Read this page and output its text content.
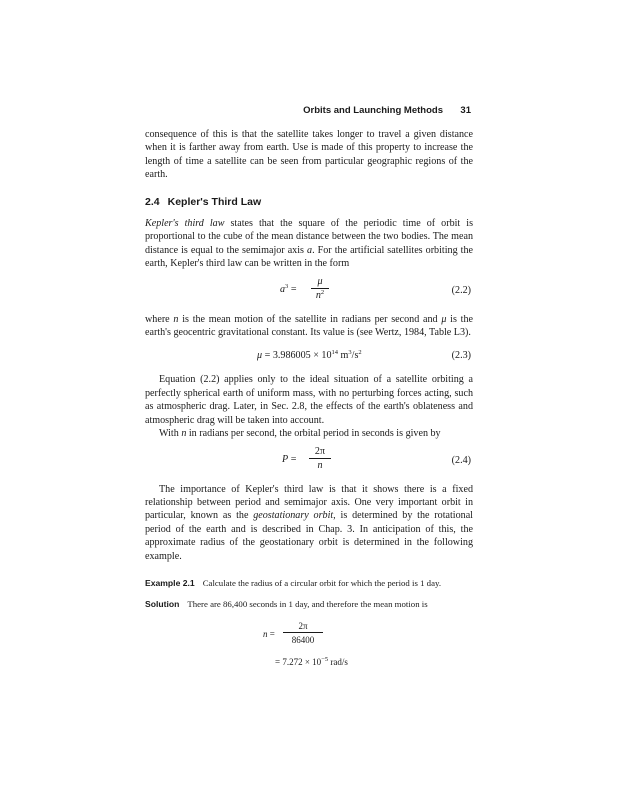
Orbits and Launching Methods 31

consequence of this is that the satellite takes longer to travel a given distance when it is farther away from earth. Use is made of this property to increase the length of time a satellite can be seen from particular geographic regions of the earth.

2.4 Kepler's Third Law

Kepler's third law states that the square of the periodic time of orbit is proportional to the cube of the mean distance between the two bodies. The mean distance is equal to the semimajor axis a. For the artificial satellites orbiting the earth, Kepler's third law can be written in the form

$a^3 = \frac{\mu}{n^2}$	(2.2)

where n is the mean motion of the satellite in radians per second and μ is the earth's geocentric gravitational constant. Its value is (see Wertz, 1984, Table L3).

$\mu = 3.986005 \times 10^{14}$ $m^3/s^2$	(2.3)

Equation (2.2) applies only to the ideal situation of a satellite orbiting a perfectly spherical earth of uniform mass, with no perturbing forces acting, such as atmospheric drag. Later, in Sec. 2.8, the effects of the earth's oblateness and atmospheric drag will be taken into account.

With n in radians per second, the orbital period in seconds is given by

$P = \frac{2\pi}{n}$	(2.4)

The importance of Kepler's third law is that it shows there is a fixed relationship between period and semimajor axis. One very important orbit in particular, known as the geostationary orbit, is determined by the rotational period of the earth and is described in Chap. 3. In anticipation of this, the approximate radius of the geostationary orbit is determined in the following example.

Example 2.1 Calculate the radius of a circular orbit for which the period is 1 day.

Solution There are 86,400 seconds in 1 day, and therefore the mean motion is

$n = \frac{2\pi}{86400}$
= $7.272 \times 10^{-5}$ rad/s
